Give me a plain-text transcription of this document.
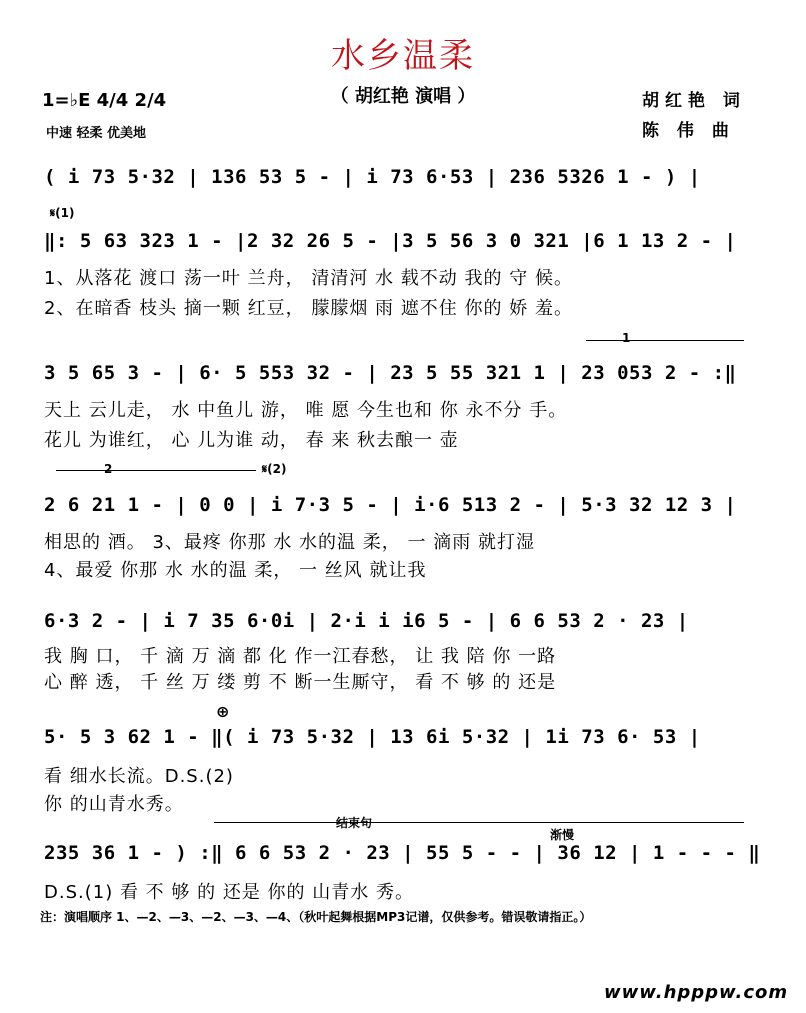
水乡温柔
（ 胡红艳 演唱 ）
1=♭E 4/4 2/4
中速 轻柔 优美地
胡红艳 词
陈 伟 曲
( i 73 5·32 | 136 53 5 - | i 73 6·53 | 236 5326 1 - ) |
𝄋(1)
‖: 5 63 323 1 - |2 32 26 5 - |3 5 56 3 0 321 |6 1 13 2 - |
1、从落花 渡口 荡一叶 兰舟， 清清河 水 载不动 我的 守 候。
2、在暗香 枝头 摘一颗 红豆， 朦朦烟 雨 遮不住 你的 娇 羞。
1
3 5 65 3 - | 6· 5 553 32 - | 23 5 55 321 1 | 23 053 2 - :‖
天上 云儿走， 水 中鱼儿 游， 唯 愿 今生也和 你 永不分 手。
花儿 为谁红， 心 儿为谁 动， 春 来 秋去酿一 壶
2	𝄋(2)
2 6 21 1 - | 0 0 | i 7·3 5 - | i·6 513 2 - | 5·3 32 12 3 |
相思的 酒。 3、最疼 你那 水 水的温 柔， 一 滴雨 就打湿
4、最爱 你那 水 水的温 柔， 一 丝风 就让我
6·3 2 - | i 7 35 6·0i | 2·i i i6 5 - | 6 6 53 2 · 23 |
我 胸 口， 千 滴 万 滴 都 化 作一江春愁， 让 我 陪 你 一路
心 醉 透， 千 丝 万 缕 剪 不 断一生厮守， 看 不 够 的 还是
⊕
5· 5 3 62 1 - ‖( i 73 5·32 | 13 6i 5·32 | 1i 73 6· 53 |
看 细水长流。D.S.(2)
你 的山青水秀。
结束句
渐慢
235 36 1 - ) :‖ 6 6 53 2 · 23 | 55 5 - - | 36 12 | 1 - - - ‖
D.S.(1) 看 不 够 的 还是 你的 山青水 秀。
注：演唱顺序 1、—2、—3、—2、—3、—4、（秋叶起舞根据MP3记谱，仅供参考。错误敬请指正。）
www.hpppw.com
